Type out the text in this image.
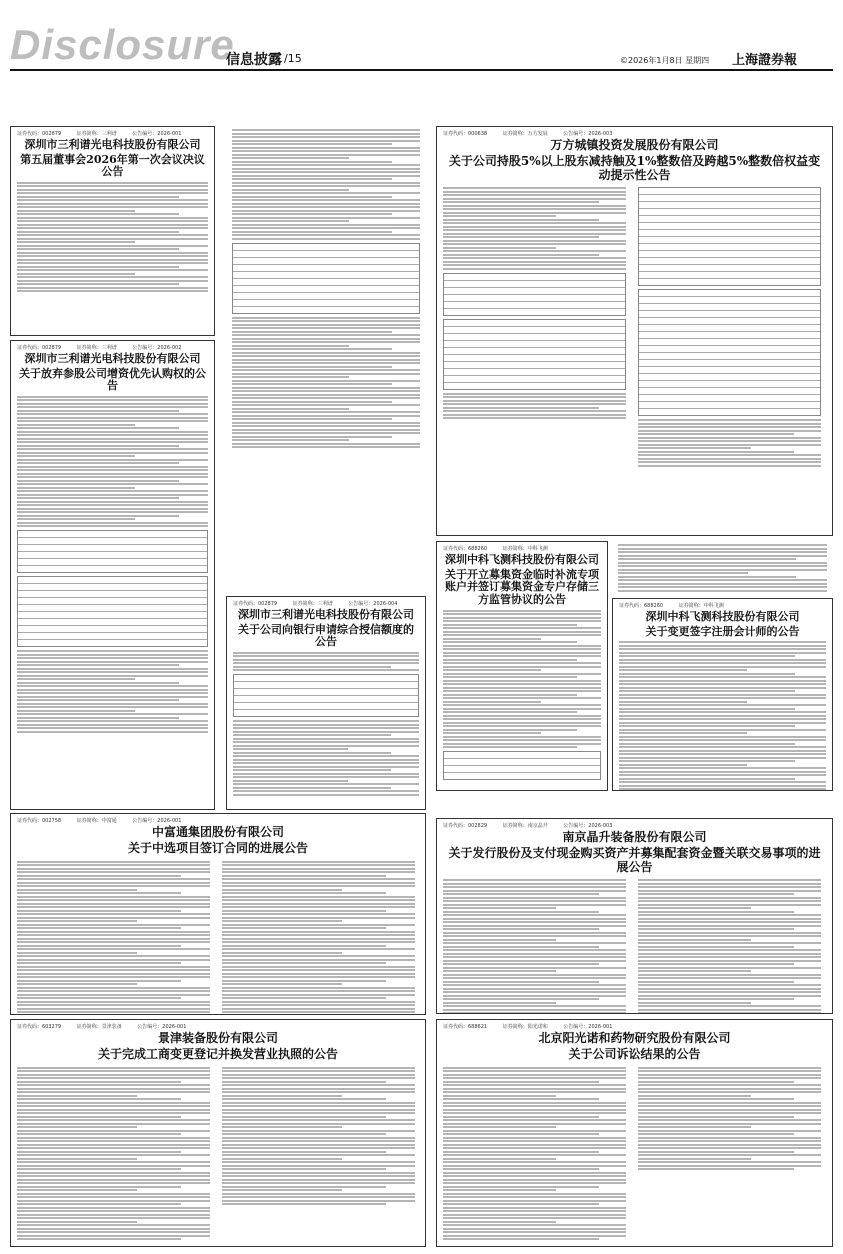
Disclosure
信息披露 /15	©2026年1月8日 星期四 上海證券報
证券代码：002879	证券简称：三利谱	公告编号：2026-001
深圳市三利谱光电科技股份有限公司
第五届董事会2026年第一次会议决议公告
证券代码：002879	证券简称：三利谱	公告编号：2026-002
深圳市三利谱光电科技股份有限公司
关于放弃参股公司增资优先认购权的公告
证券代码：002879	证券简称：三利谱	公告编号：2026-004
深圳市三利谱光电科技股份有限公司
关于公司向银行申请综合授信额度的公告
证券代码：000638	证券简称：万方发展	公告编号：2026-003
万方城镇投资发展股份有限公司
关于公司持股5%以上股东减持触及1%整数倍及跨越5%整数倍权益变动提示性公告
证券代码：688260	证券简称：中科飞测
深圳中科飞测科技股份有限公司
关于开立募集资金临时补流专项账户并签订募集资金专户存储三方监管协议的公告
证券代码：688260	证券简称：中科飞测
深圳中科飞测科技股份有限公司
关于变更签字注册会计师的公告
证券代码：002758	证券简称：中富通	公告编号：2026-001
中富通集团股份有限公司
关于中选项目签订合同的进展公告
证券代码：002829	证券简称：南京晶升	公告编号：2026-003
南京晶升装备股份有限公司
关于发行股份及支付现金购买资产并募集配套资金暨关联交易事项的进展公告
证券代码：603279	证券简称：景津装备	公告编号：2026-001
景津装备股份有限公司
关于完成工商变更登记并换发营业执照的公告
证券代码：688621	证券简称：阳光诺和	公告编号：2026-001
北京阳光诺和药物研究股份有限公司
关于公司诉讼结果的公告
